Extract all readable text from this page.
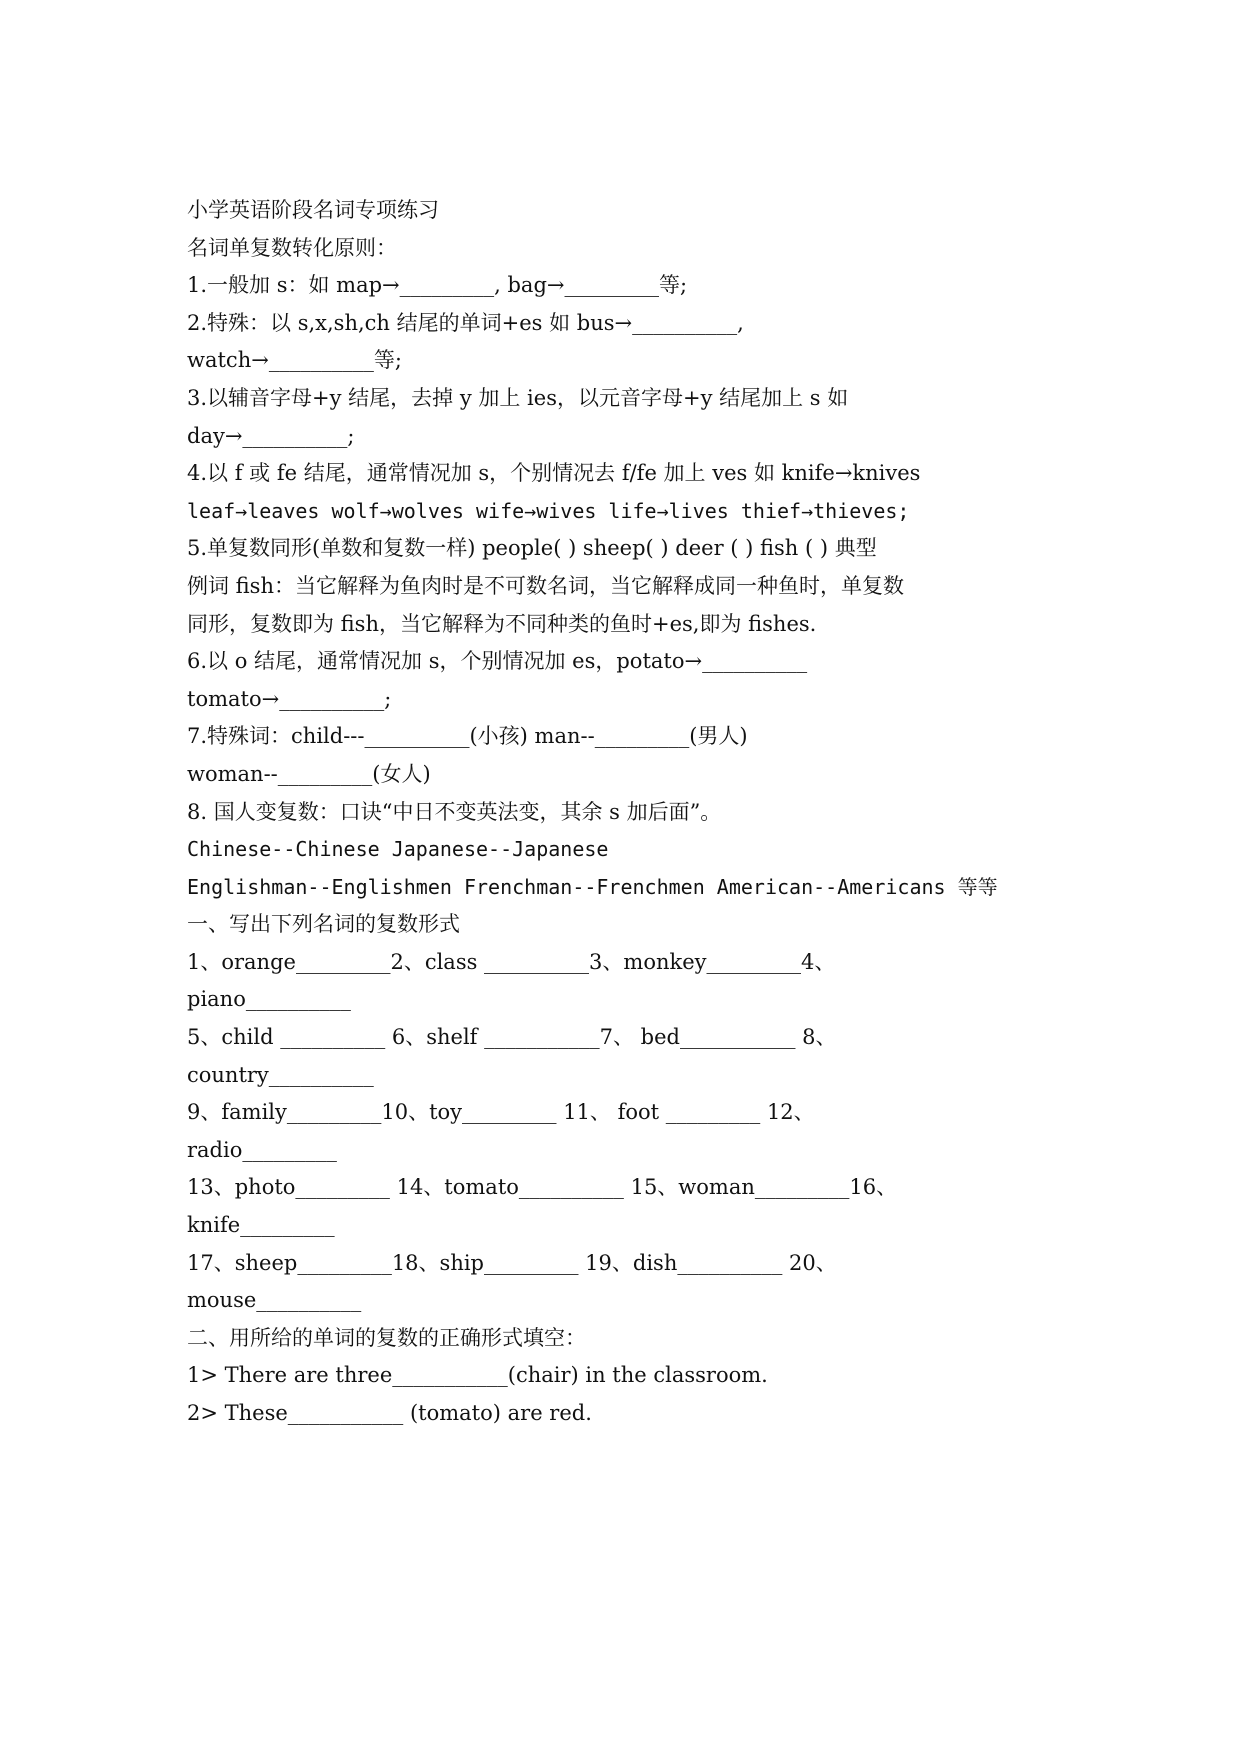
小学英语阶段名词专项练习
名词单复数转化原则：
1.一般加 s：如 map→_________, bag→_________等;
2.特殊：以 s,x,sh,ch 结尾的单词+es 如 bus→__________,
watch→__________等;
3.以辅音字母+y 结尾，去掉 y 加上 ies，以元音字母+y 结尾加上 s 如
day→__________;
4.以 f 或 fe 结尾，通常情况加 s，个别情况去 f/fe 加上 ves 如 knife→knives
leaf→leaves wolf→wolves wife→wives life→lives thief→thieves;
5.单复数同形(单数和复数一样) people( ) sheep( ) deer ( ) fish ( ) 典型
例词 fish：当它解释为鱼肉时是不可数名词，当它解释成同一种鱼时，单复数
同形，复数即为 fish，当它解释为不同种类的鱼时+es,即为 fishes.
6.以 o 结尾，通常情况加 s，个别情况加 es，potato→__________
tomato→__________;
7.特殊词：child---__________(小孩) man--_________(男人)
woman--_________(女人)
8. 国人变复数：口诀“中日不变英法变，其余 s 加后面”。
Chinese--Chinese Japanese--Japanese
Englishman--Englishmen Frenchman--Frenchmen American--Americans 等等
一、写出下列名词的复数形式
1、orange_________2、class __________3、monkey_________4、
piano__________
5、child __________ 6、shelf ___________7、 bed___________ 8、
country__________
9、family_________10、toy_________ 11、 foot _________ 12、
radio_________
13、photo_________ 14、tomato__________ 15、woman_________16、
knife_________
17、sheep_________18、ship_________ 19、dish__________ 20、
mouse__________
二、用所给的单词的复数的正确形式填空：
1> There are three___________(chair) in the classroom.
2> These___________ (tomato) are red.
